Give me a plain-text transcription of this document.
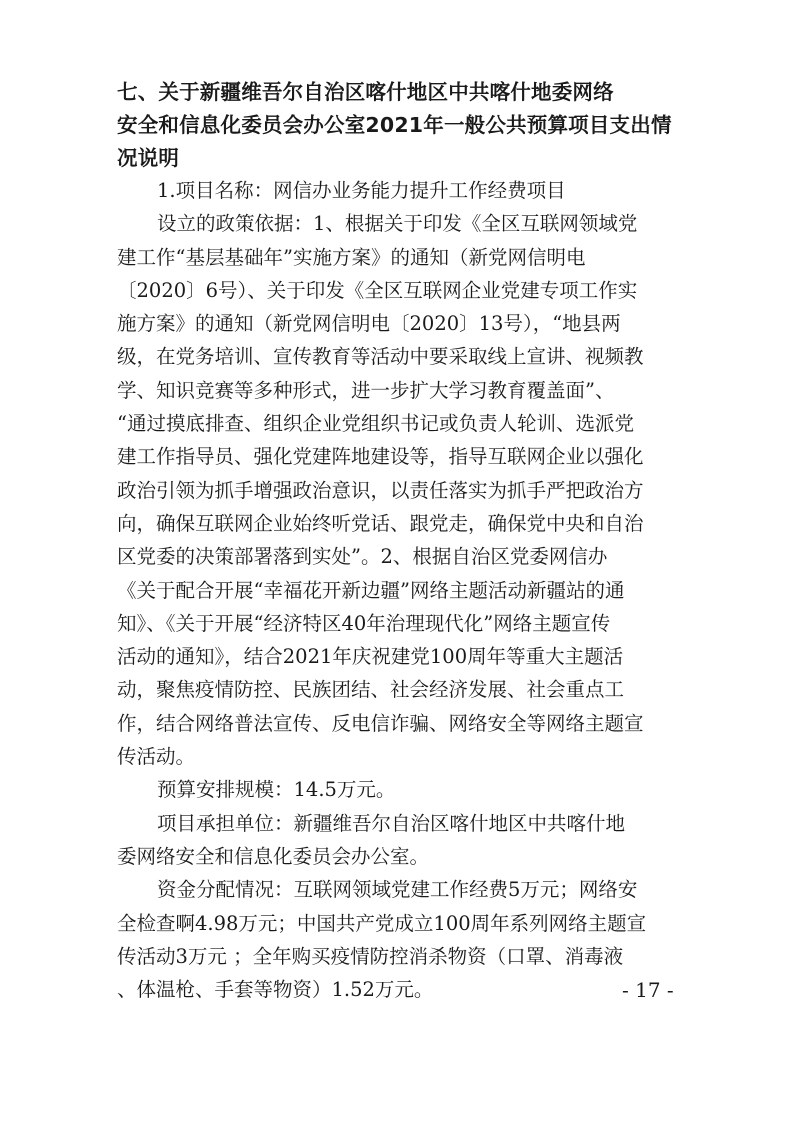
七、关于新疆维吾尔自治区喀什地区中共喀什地委网络
安全和信息化委员会办公室2021年一般公共预算项目支出情
况说明
1.项目名称：网信办业务能力提升工作经费项目
设立的政策依据：1、根据关于印发《全区互联网领域党
建工作“基层基础年”实施方案》的通知（新党网信明电
〔2020〕6号）、关于印发《全区互联网企业党建专项工作实
施方案》的通知（新党网信明电〔2020〕13号），“地县两
级，在党务培训、宣传教育等活动中要采取线上宣讲、视频教
学、知识竞赛等多种形式，进一步扩大学习教育覆盖面”、
“通过摸底排查、组织企业党组织书记或负责人轮训、选派党
建工作指导员、强化党建阵地建设等，指导互联网企业以强化
政治引领为抓手增强政治意识，以责任落实为抓手严把政治方
向，确保互联网企业始终听党话、跟党走，确保党中央和自治
区党委的决策部署落到实处”。2、根据自治区党委网信办
《关于配合开展“幸福花开新边疆”网络主题活动新疆站的通
知》、《关于开展“经济特区40年治理现代化”网络主题宣传
活动的通知》，结合2021年庆祝建党100周年等重大主题活
动，聚焦疫情防控、民族团结、社会经济发展、社会重点工
作，结合网络普法宣传、反电信诈骗、网络安全等网络主题宣
传活动。
预算安排规模：14.5万元。
项目承担单位：新疆维吾尔自治区喀什地区中共喀什地
委网络安全和信息化委员会办公室。
资金分配情况：互联网领域党建工作经费5万元；网络安
全检查啊4.98万元；中国共产党成立100周年系列网络主题宣
传活动3万元 ；全年购买疫情防控消杀物资（口罩、消毒液
、体温枪、手套等物资）1.52万元。	- 17 -
